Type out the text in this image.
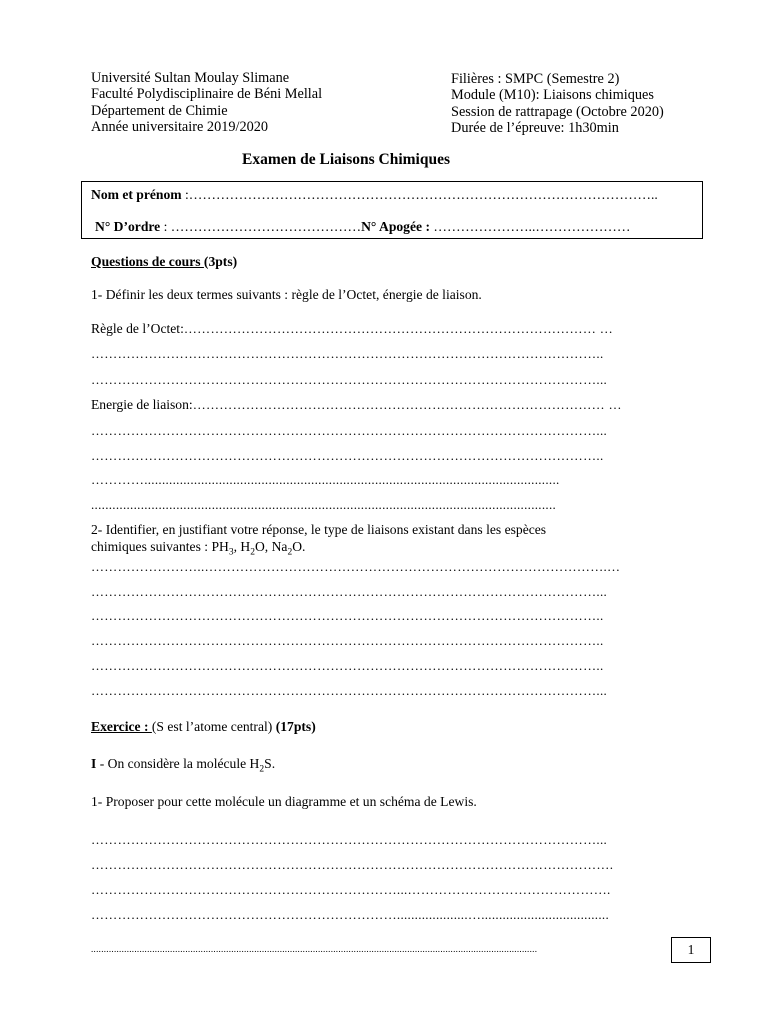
Université Sultan Moulay Slimane
Faculté Polydisciplinaire de Béni Mellal
Département de Chimie
Année universitaire 2019/2020
Filières : SMPC (Semestre 2)
Module (M10): Liaisons chimiques
Session de rattrapage (Octobre 2020)
Durée de l’épreuve: 1h30min
Examen de Liaisons Chimiques
Nom et prénom :…………………………………………………………………………………………..
N° D’ordre : ……………………………………N° Apogée : …………………..…………………
Questions de cours (3pts)
1- Définir les deux termes suivants : règle de l’Octet, énergie de liaison.
Règle de l’Octet:………………………………………………………………………………… …
……………………………………………………………………………………………………..
……………………………………………………………………………………………………...
Energie de liaison:………………………………………………………………………………… …
……………………………………………………………………………………………………...
……………………………………………………………………………………………………..
………….....................................................................................................................
...................................................................................................................................
2- Identifier, en justifiant votre réponse, le type de liaisons existant dans les espèces
chimiques suivantes : $PH_3$, $H_2O$, $Na_2O$.
……………………..……………………………………………………………………………….…
……………………………………………………………………………………………………...
……………………………………………………………………………………………………..
……………………………………………………………………………………………………..
……………………………………………………………………………………………………..
……………………………………………………………………………………………………...
Exercice : (S est l’atome central) (17pts)
I - On considère la molécule $H_2S$.
1- Proposer pour cette molécule un diagramme et un schéma de Lewis.
……………………………………………………………………………………………………...
……………………………………………………………………………………………………….
……………………………………………………………...……………………………………….
……………………………………………………………....................…....................................
...............................................................................................................................................................................	1
